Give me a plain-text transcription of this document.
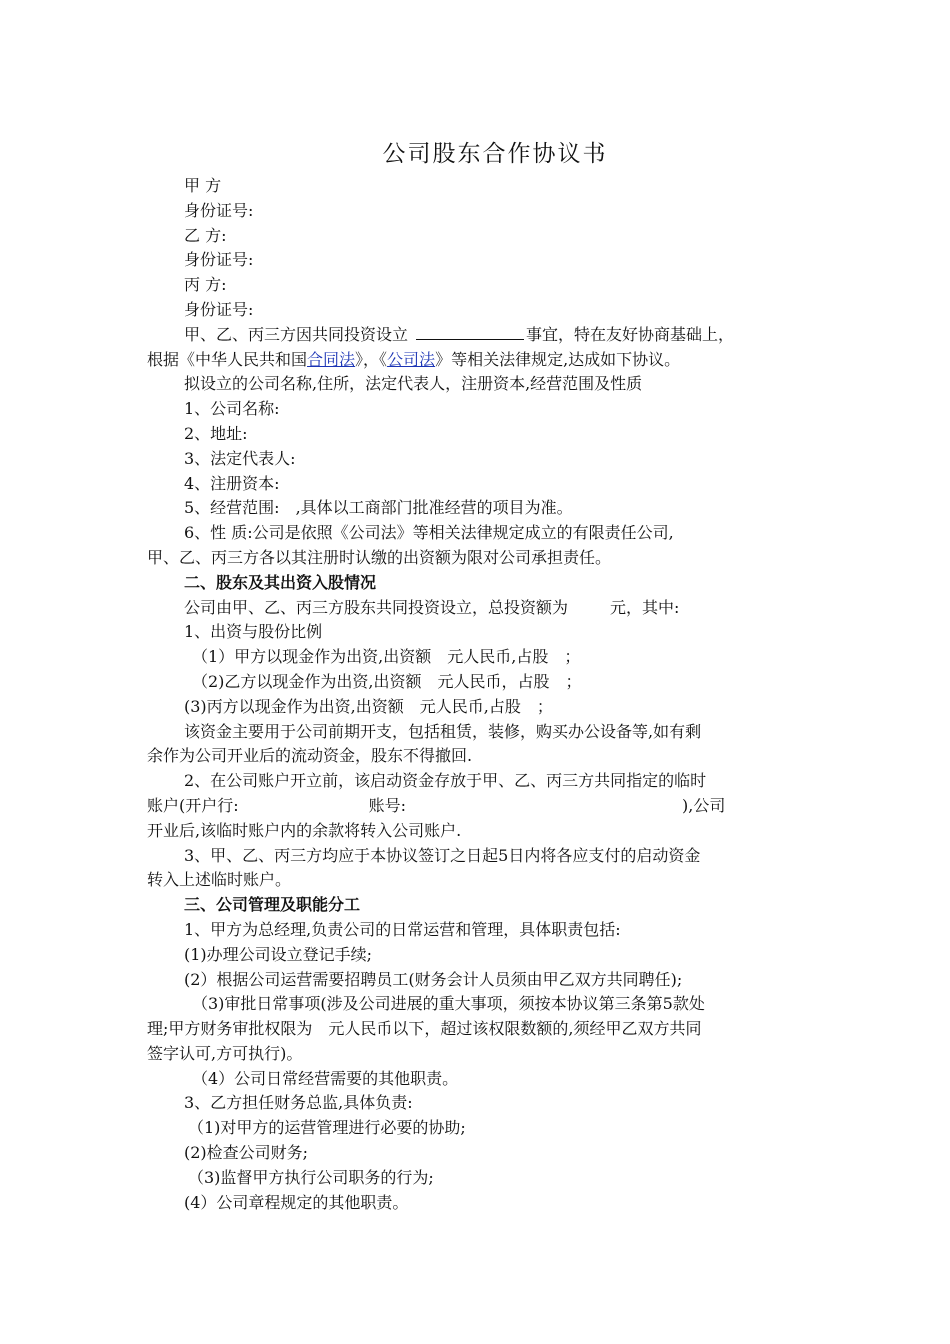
公司股东合作协议书

甲 方

身份证号:

乙 方:

身份证号:

丙 方:

身份证号:

甲、乙、丙三方因共同投资设立	事宜，特在友好协商基础上，

根据《中华人民共和国合同法》，《公司法》等相关法律规定,达成如下协议。

拟设立的公司名称,住所，法定代表人，注册资本,经营范围及性质

1、公司名称:

2、地址:

3、法定代表人:

4、注册资本:

5、经营范围: ,具体以工商部门批准经营的项目为准。

6、性 质:公司是依照《公司法》等相关法律规定成立的有限责任公司,

甲、乙、丙三方各以其注册时认缴的出资额为限对公司承担责任。

二、股东及其出资入股情况

公司由甲、乙、丙三方股东共同投资设立，总投资额为	元，其中:

1、出资与股份比例

（1）甲方以现金作为出资,出资额　元人民币,占股　；

（2)乙方以现金作为出资,出资额　元人民币，占股　；

(3)丙方以现金作为出资,出资额　元人民币,占股　；

该资金主要用于公司前期开支，包括租赁，装修，购买办公设备等,如有剩

余作为公司开业后的流动资金，股东不得撤回.

2、在公司账户开立前，该启动资金存放于甲、乙、丙三方共同指定的临时

账户(开户行:	账号:	),公司

开业后,该临时账户内的余款将转入公司账户.

3、甲、乙、丙三方均应于本协议签订之日起5日内将各应支付的启动资金

转入上述临时账户。

三、公司管理及职能分工

1、甲方为总经理,负责公司的日常运营和管理，具体职责包括:

(1)办理公司设立登记手续;

(2）根据公司运营需要招聘员工(财务会计人员须由甲乙双方共同聘任);

（3)审批日常事项(涉及公司进展的重大事项，须按本协议第三条第5款处

理;甲方财务审批权限为　元人民币以下，超过该权限数额的,须经甲乙双方共同

签字认可,方可执行)。

（4）公司日常经营需要的其他职责。

3、乙方担任财务总监,具体负责:

（1)对甲方的运营管理进行必要的协助;

(2)检查公司财务;

（3)监督甲方执行公司职务的行为;

(4）公司章程规定的其他职责。
